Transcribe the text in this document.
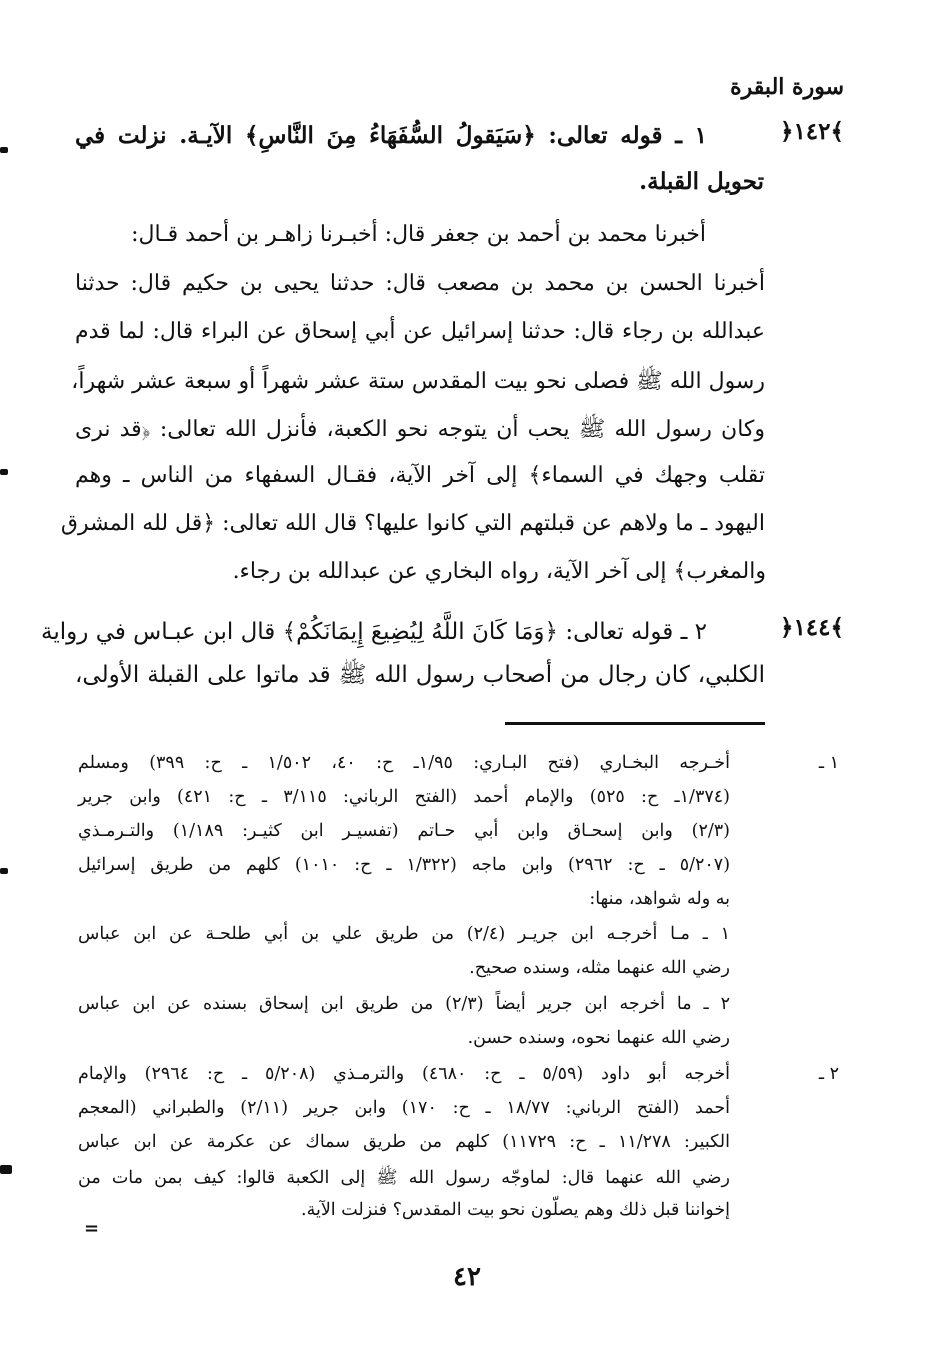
سورة البقرة
﴿١٤٢﴾
١ ـ قوله تعالى: ﴿سَيَقولُ السُّفَهَاءُ مِنَ النَّاسِ﴾ الآيـة. نزلت في
تحويل القبلة.
أخبرنا محمد بن أحمد بن جعفر قال: أخبـرنا زاهـر بن أحمد قـال:
أخبرنا الحسن بن محمد بن مصعب قال: حدثنا يحيى بن حكيم قال: حدثنا
عبدالله بن رجاء قال: حدثنا إسرائيل عن أبي إسحاق عن البراء قال: لما قدم
رسول الله ﷺ فصلى نحو بيت المقدس ستة عشر شهراً أو سبعة عشر شهراً،
وكان رسول الله ﷺ يحب أن يتوجه نحو الكعبة، فأنزل الله تعالى: ﴿قد نرى
تقلب وجهك في السماء﴾ إلى آخر الآية، فقـال السفهاء من الناس ـ وهم
اليهود ـ ما ولاهم عن قبلتهم التي كانوا عليها؟ قال الله تعالى: ﴿قل لله المشرق
والمغرب﴾ إلى آخر الآية، رواه البخاري عن عبدالله بن رجاء.
﴿١٤٤﴾
٢ ـ قوله تعالى: ﴿وَمَا كَانَ اللَّهُ لِيُضِيعَ إِيمَانَكُمْ﴾ قال ابن عبـاس في رواية
الكلبي، كان رجال من أصحاب رسول الله ﷺ قد ماتوا على القبلة الأولى،
١ ـ
أخـرجه البخـاري (فتح البـاري: ١/٩٥ـ ح: ٤٠، ١/٥٠٢ ـ ح: ٣٩٩) ومسلم
(١/٣٧٤ـ ح: ٥٢٥) والإمام أحمد (الفتح الرباني: ٣/١١٥ ـ ح: ٤٢١) وابن جرير
(٢/٣) وابن إسحـاق وابن أبي حـاتم (تفسيـر ابن كثيـر: ١/١٨٩) والتـرمـذي
(٥/٢٠٧ ـ ح: ٢٩٦٢) وابن ماجه (١/٣٢٢ ـ ح: ١٠١٠) كلهم من طريق إسرائيل
به وله شواهد، منها:
١ ـ مـا أخرجـه ابن جريـر (٢/٤) من طريق علي بن أبي طلحـة عن ابن عباس
رضي الله عنهما مثله، وسنده صحيح.
٢ ـ ما أخرجه ابن جرير أيضاً (٢/٣) من طريق ابن إسحاق بسنده عن ابن عباس
رضي الله عنهما نحوه، وسنده حسن.
٢ ـ
أخرجه أبو داود (٥/٥٩ ـ ح: ٤٦٨٠) والترمـذي (٥/٢٠٨ ـ ح: ٢٩٦٤) والإمام
أحمد (الفتح الرباني: ١٨/٧٧ ـ ح: ١٧٠) وابن جرير (٢/١١) والطبراني (المعجم
الكبير: ١١/٢٧٨ ـ ح: ١١٧٢٩) كلهم من طريق سماك عن عكرمة عن ابن عباس
رضي الله عنهما قال: لماوجّه رسول الله ﷺ إلى الكعبة قالوا: كيف بمن مات من
إخواننا قبل ذلك وهم يصلّون نحو بيت المقدس؟ فنزلت الآية.
=
٤٢
